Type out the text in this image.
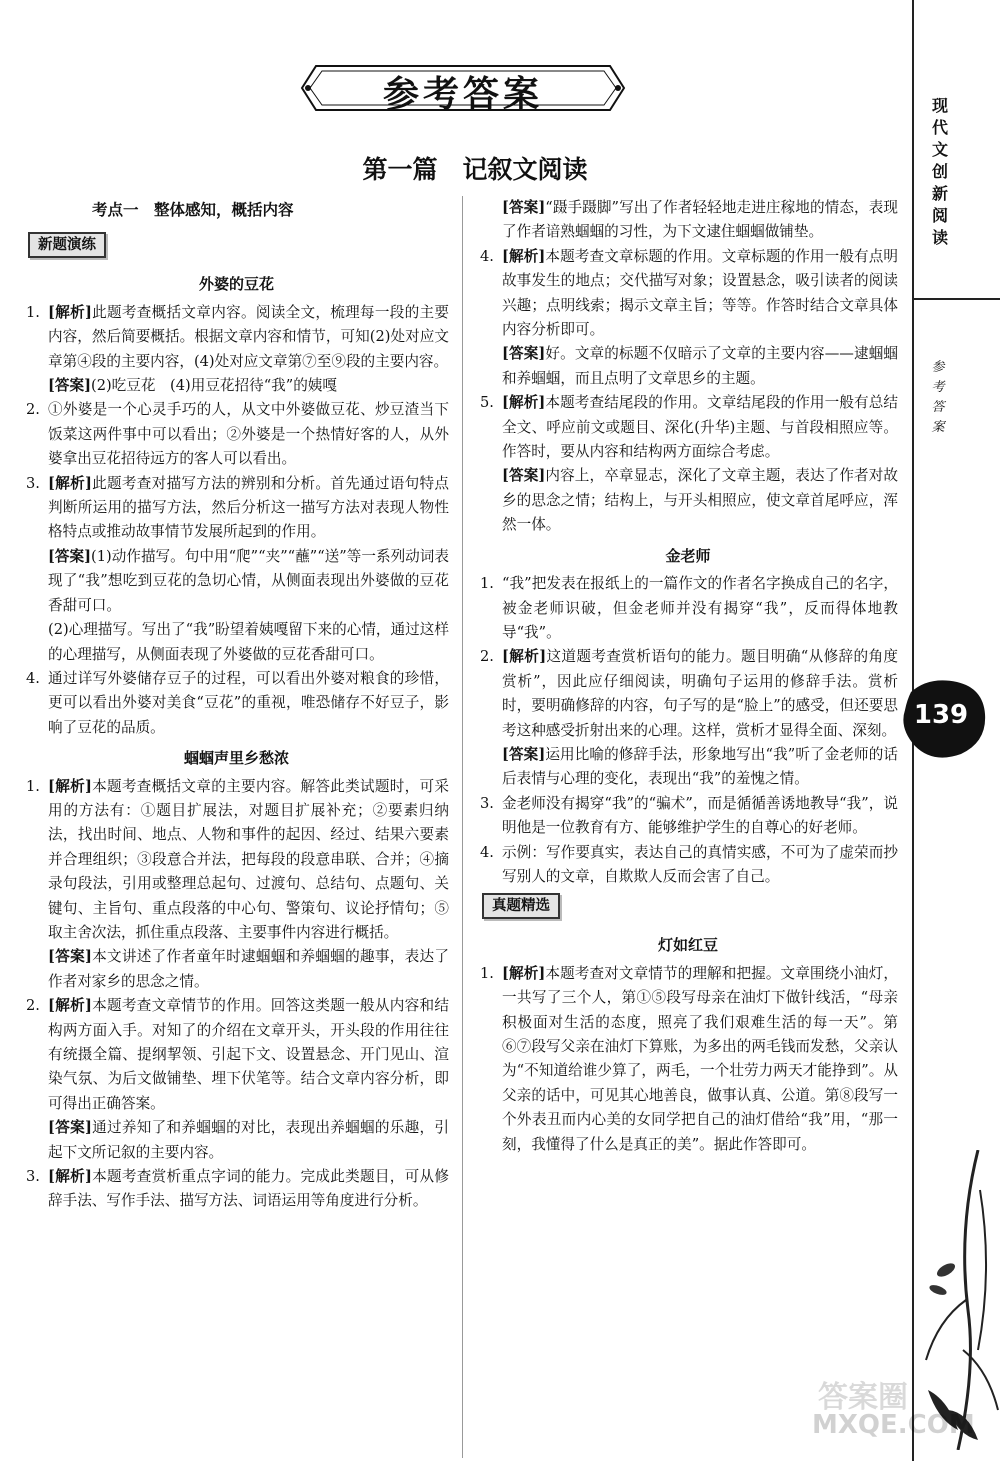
参考答案
第一篇　记叙文阅读
考点一　整体感知，概括内容
新题演练
外婆的豆花
1. [解析]此题考查概括文章内容。阅读全文，梳理每一段的主要内容，然后简要概括。根据文章内容和情节，可知(2)处对应文章第④段的主要内容，(4)处对应文章第⑦至⑨段的主要内容。
[答案](2)吃豆花　(4)用豆花招待“我”的姨嘎
2. ①外婆是一个心灵手巧的人，从文中外婆做豆花、炒豆渣当下饭菜这两件事中可以看出；②外婆是一个热情好客的人，从外婆拿出豆花招待远方的客人可以看出。
3. [解析]此题考查对描写方法的辨别和分析。首先通过语句特点判断所运用的描写方法，然后分析这一描写方法对表现人物性格特点或推动故事情节发展所起到的作用。
[答案](1)动作描写。句中用“爬”“夹”“蘸”“送”等一系列动词表现了“我”想吃到豆花的急切心情，从侧面表现出外婆做的豆花香甜可口。
(2)心理描写。写出了“我”盼望着姨嘎留下来的心情，通过这样的心理描写，从侧面表现了外婆做的豆花香甜可口。
4. 通过详写外婆储存豆子的过程，可以看出外婆对粮食的珍惜，更可以看出外婆对美食“豆花”的重视，唯恐储存不好豆子，影响了豆花的品质。
蝈蝈声里乡愁浓
1. [解析]本题考查概括文章的主要内容。解答此类试题时，可采用的方法有：①题目扩展法，对题目扩展补充；②要素归纳法，找出时间、地点、人物和事件的起因、经过、结果六要素并合理组织；③段意合并法，把每段的段意串联、合并；④摘录句段法，引用或整理总起句、过渡句、总结句、点题句、关键句、主旨句、重点段落的中心句、警策句、议论抒情句；⑤取主舍次法，抓住重点段落、主要事件内容进行概括。
[答案]本文讲述了作者童年时逮蝈蝈和养蝈蝈的趣事，表达了作者对家乡的思念之情。
2. [解析]本题考查文章情节的作用。回答这类题一般从内容和结构两方面入手。对知了的介绍在文章开头，开头段的作用往往有统摄全篇、提纲挈领、引起下文、设置悬念、开门见山、渲染气氛、为后文做铺垫、埋下伏笔等。结合文章内容分析，即可得出正确答案。
[答案]通过养知了和养蝈蝈的对比，表现出养蝈蝈的乐趣，引起下文所记叙的主要内容。
3. [解析]本题考查赏析重点字词的能力。完成此类题目，可从修辞手法、写作手法、描写方法、词语运用等角度进行分析。
[答案]“蹑手蹑脚”写出了作者轻轻地走进庄稼地的情态，表现了作者谙熟蝈蝈的习性，为下文逮住蝈蝈做铺垫。
4. [解析]本题考查文章标题的作用。文章标题的作用一般有点明故事发生的地点；交代描写对象；设置悬念，吸引读者的阅读兴趣；点明线索；揭示文章主旨；等等。作答时结合文章具体内容分析即可。
[答案]好。文章的标题不仅暗示了文章的主要内容——逮蝈蝈和养蝈蝈，而且点明了文章思乡的主题。
5. [解析]本题考查结尾段的作用。文章结尾段的作用一般有总结全文、呼应前文或题目、深化(升华)主题、与首段相照应等。作答时，要从内容和结构两方面综合考虑。
[答案]内容上，卒章显志，深化了文章主题，表达了作者对故乡的思念之情；结构上，与开头相照应，使文章首尾呼应，浑然一体。
金老师
1. “我”把发表在报纸上的一篇作文的作者名字换成自己的名字，被金老师识破，但金老师并没有揭穿“我”，反而得体地教导“我”。
2. [解析]这道题考查赏析语句的能力。题目明确“从修辞的角度赏析”，因此应仔细阅读，明确句子运用的修辞手法。赏析时，要明确修辞的内容，句子写的是“脸上”的感受，但还要思考这种感受折射出来的心理。这样，赏析才显得全面、深刻。
[答案]运用比喻的修辞手法，形象地写出“我”听了金老师的话后表情与心理的变化，表现出“我”的羞愧之情。
3. 金老师没有揭穿“我”的“骗术”，而是循循善诱地教导“我”，说明他是一位教育有方、能够维护学生的自尊心的好老师。
4. 示例：写作要真实，表达自己的真情实感，不可为了虚荣而抄写别人的文章，自欺欺人反而会害了自己。
真题精选
灯如红豆
1. [解析]本题考查对文章情节的理解和把握。文章围绕小油灯，一共写了三个人，第①⑤段写母亲在油灯下做针线活，“母亲积极面对生活的态度，照亮了我们艰难生活的每一天”。第⑥⑦段写父亲在油灯下算账，为多出的两毛钱而发愁，父亲认为“不知道给谁少算了，两毛，一个壮劳力两天才能挣到”。从父亲的话中，可见其心地善良，做事认真、公道。第⑧段写一个外表丑而内心美的女同学把自己的油灯借给“我”用，“那一刻，我懂得了什么是真正的美”。据此作答即可。
现代文创新阅读
参考答案
139
答案圈
MXQE.COM
